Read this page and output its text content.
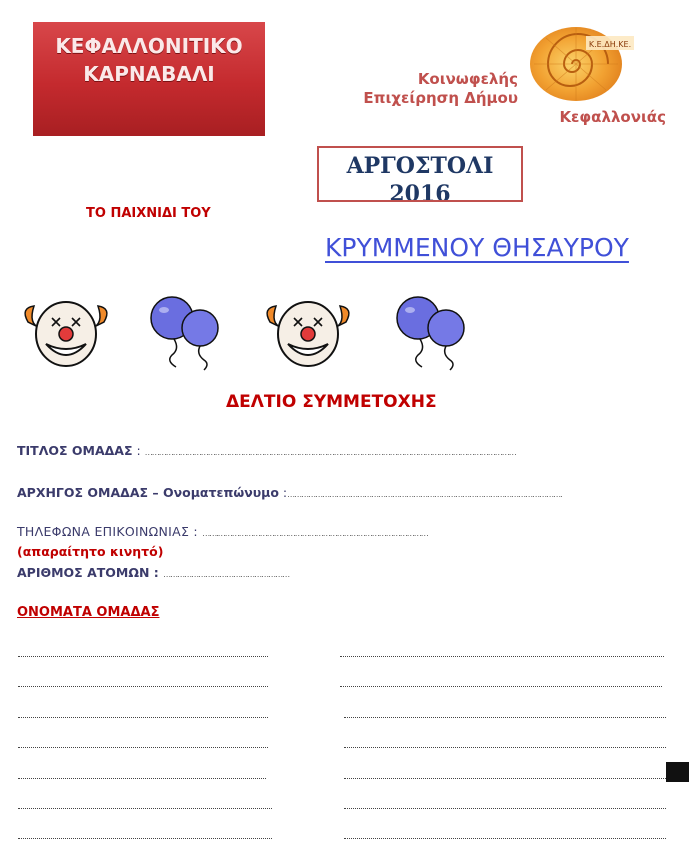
ΚΕΦΑΛΛΟΝΙΤΙΚΟ
ΚΑΡΝΑΒΑΛΙ	Κοινωφελής
Επιχείρηση Δήμου
Κεφαλλονιάς
Κ.Ε.ΔΗ.ΚΕ.
ΑΡΓΟΣΤΟΛΙ
2016
ΤΟ ΠΑΙΧΝΙΔΙ ΤΟΥ
ΚΡΥΜΜΕΝΟΥ ΘΗΣΑΥΡΟΥ
ΔΕΛΤΙΟ ΣΥΜΜΕΤΟΧΗΣ
ΤΙΤΛΟΣ ΟΜΑΔΑΣ : ……………………………………………………………………………………………………………………………………………
ΑΡΧΗΓΟΣ ΟΜΑΔΑΣ – Ονοματεπώνυμο :……………………………………………………………………………………………………….
ΤΗΛΕΦΩΝΑ ΕΠΙΚΟΙΝΩΝΙΑΣ : …….………………………………………………………………………………
(απαραίτητο κινητό)
ΑΡΙΘΜΟΣ ΑΤΟΜΩΝ : ………………………………………………
ΟΝΟΜΑΤΑ ΟΜΑΔΑΣ
